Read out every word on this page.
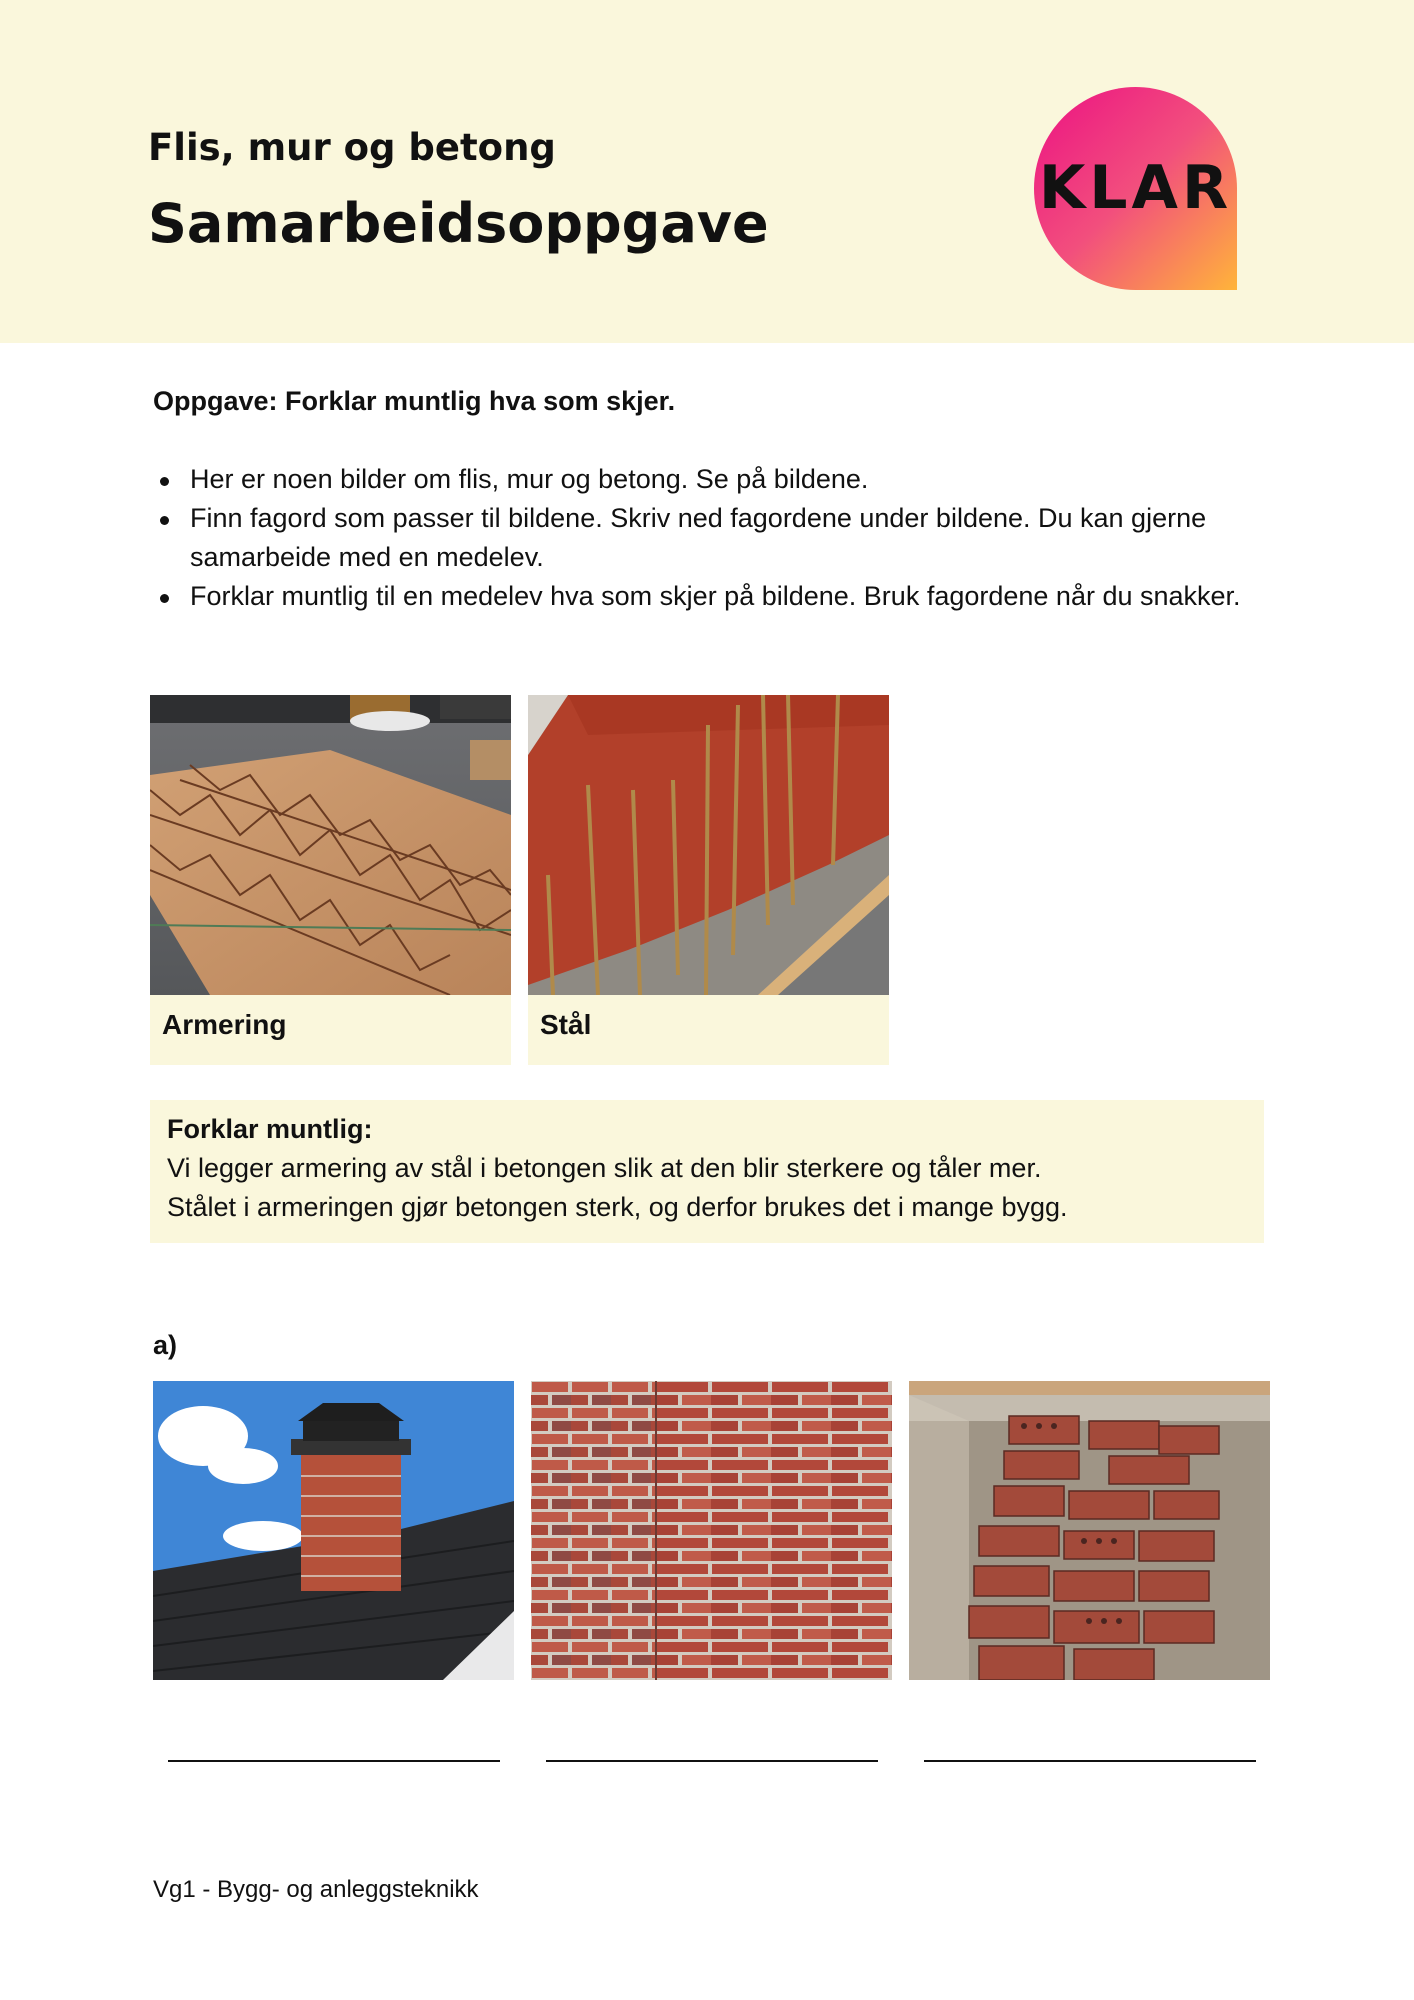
Flis, mur og betong
Samarbeidsoppgave
KLAR
Oppgave: Forklar muntlig hva som skjer.
Her er noen bilder om flis, mur og betong. Se på bildene.
Finn fagord som passer til bildene. Skriv ned fagordene under bildene. Du kan gjerne samarbeide med en medelev.
Forklar muntlig til en medelev hva som skjer på bildene. Bruk fagordene når du snakker.
Armering	Stål
Forklar muntlig:
Vi legger armering av stål i betongen slik at den blir sterkere og tåler mer.
Stålet i armeringen gjør betongen sterk, og derfor brukes det i mange bygg.
a)
Vg1 - Bygg- og anleggsteknikk
